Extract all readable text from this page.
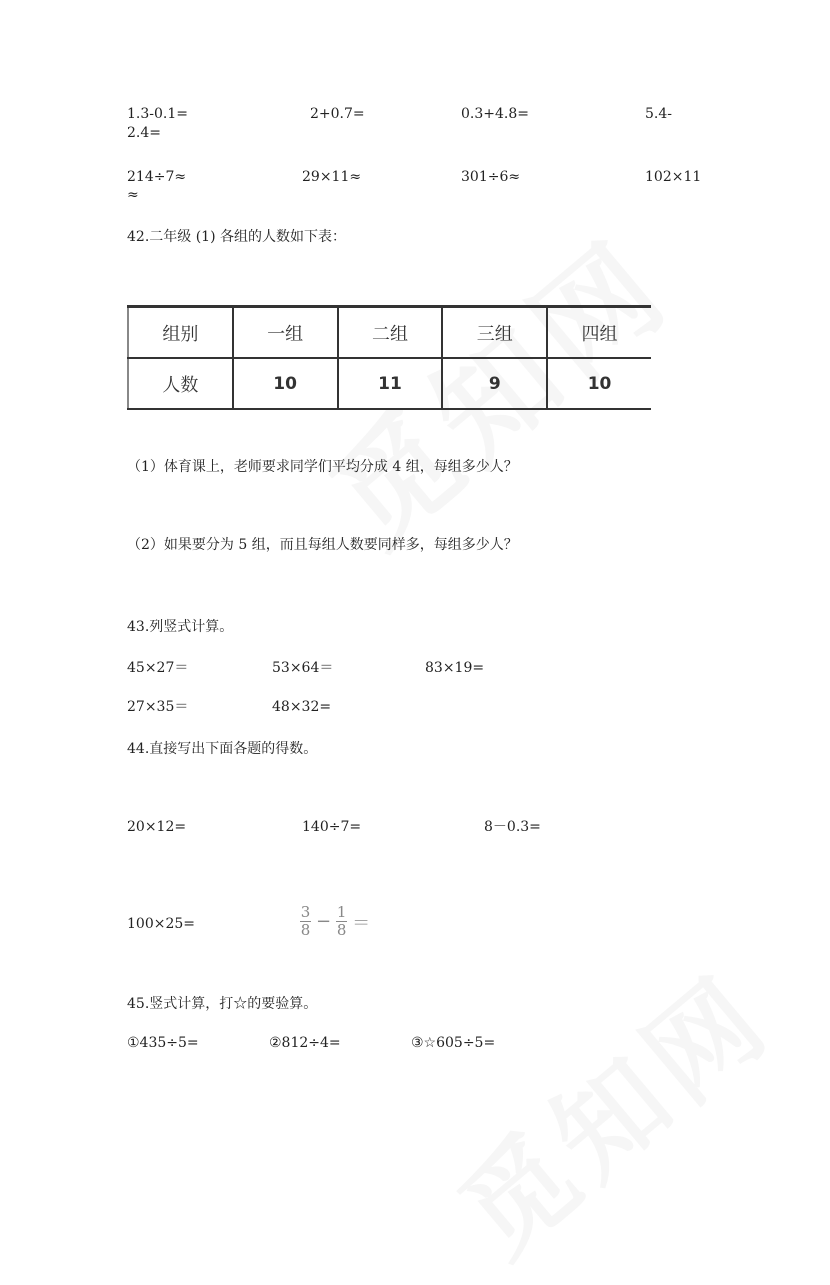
1.3-0.1=	2+0.7=	0.3+4.8=	5.4-
2.4=
214÷7≈	29×11≈	301÷6≈	102×11
≈
42.二年级 (1) 各组的人数如下表：
组别	一组	二组	三组	四组
人数	10	11	9	10
（1）体育课上，老师要求同学们平均分成 4 组，每组多少人？
（2）如果要分为 5 组，而且每组人数要同样多，每组多少人？
43.列竖式计算。
45×27＝	53×64＝	83×19=
27×35＝	48×32=
44.直接写出下面各题的得数。
20×12=	140÷7=	8－0.3=
100×25=
3
8 − 1
8 ＝
45.竖式计算，打☆的要验算。
①435÷5=	②812÷4=	③☆605÷5=
